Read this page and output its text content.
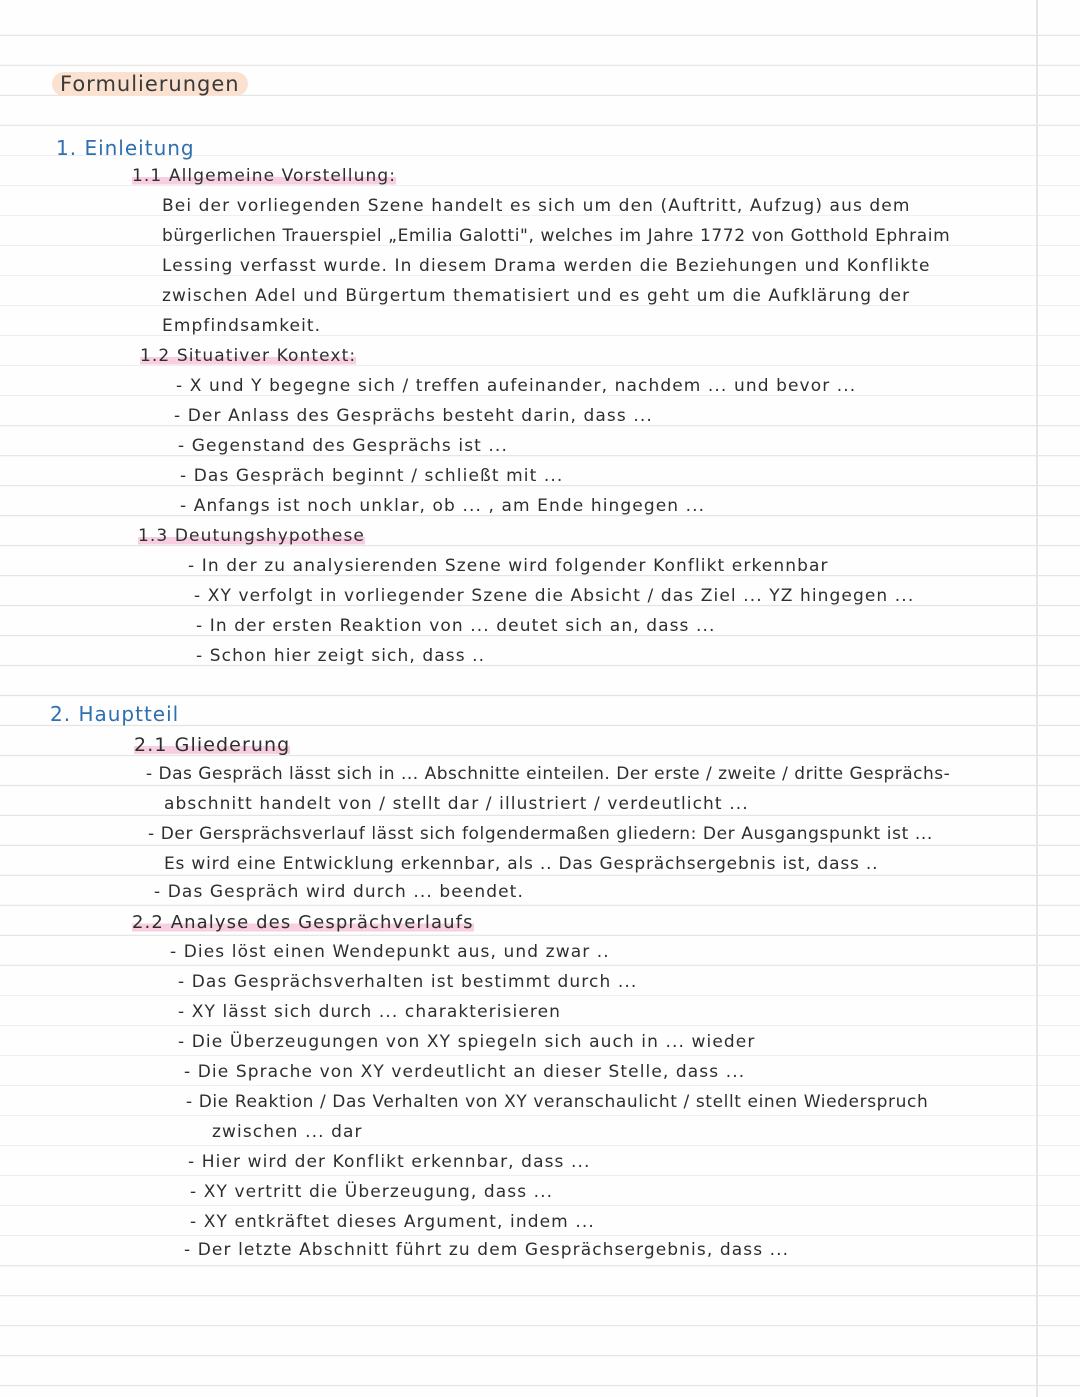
Formulierungen
1. Einleitung
1.1 Allgemeine Vorstellung:
Bei der vorliegenden Szene handelt es sich um den (Auftritt, Aufzug) aus dem
bürgerlichen Trauerspiel „Emilia Galotti", welches im Jahre 1772 von Gotthold Ephraim
Lessing verfasst wurde. In diesem Drama werden die Beziehungen und Konflikte
zwischen Adel und Bürgertum thematisiert und es geht um die Aufklärung der
Empfindsamkeit.
1.2 Situativer Kontext:
- X und Y begegne sich / treffen aufeinander, nachdem ... und bevor ...
- Der Anlass des Gesprächs besteht darin, dass ...
- Gegenstand des Gesprächs ist ...
- Das Gespräch beginnt / schließt mit ...
- Anfangs ist noch unklar, ob ... , am Ende hingegen ...
1.3 Deutungshypothese
- In der zu analysierenden Szene wird folgender Konflikt erkennbar
- XY verfolgt in vorliegender Szene die Absicht / das Ziel ... YZ hingegen ...
- In der ersten Reaktion von ... deutet sich an, dass ...
- Schon hier zeigt sich, dass ..
2. Hauptteil
2.1 Gliederung
- Das Gespräch lässt sich in ... Abschnitte einteilen. Der erste / zweite / dritte Gesprächs-
abschnitt handelt von / stellt dar / illustriert / verdeutlicht ...
- Der Gersprächsverlauf lässt sich folgendermaßen gliedern: Der Ausgangspunkt ist ...
Es wird eine Entwicklung erkennbar, als .. Das Gesprächsergebnis ist, dass ..
- Das Gespräch wird durch ... beendet.
2.2 Analyse des Gesprächverlaufs
- Dies löst einen Wendepunkt aus, und zwar ..
- Das Gesprächsverhalten ist bestimmt durch ...
- XY lässt sich durch ... charakterisieren
- Die Überzeugungen von XY spiegeln sich auch in ... wieder
- Die Sprache von XY verdeutlicht an dieser Stelle, dass ...
- Die Reaktion / Das Verhalten von XY veranschaulicht / stellt einen Wiederspruch
zwischen ... dar
- Hier wird der Konflikt erkennbar, dass ...
- XY vertritt die Überzeugung, dass ...
- XY entkräftet dieses Argument, indem ...
- Der letzte Abschnitt führt zu dem Gesprächsergebnis, dass ...
